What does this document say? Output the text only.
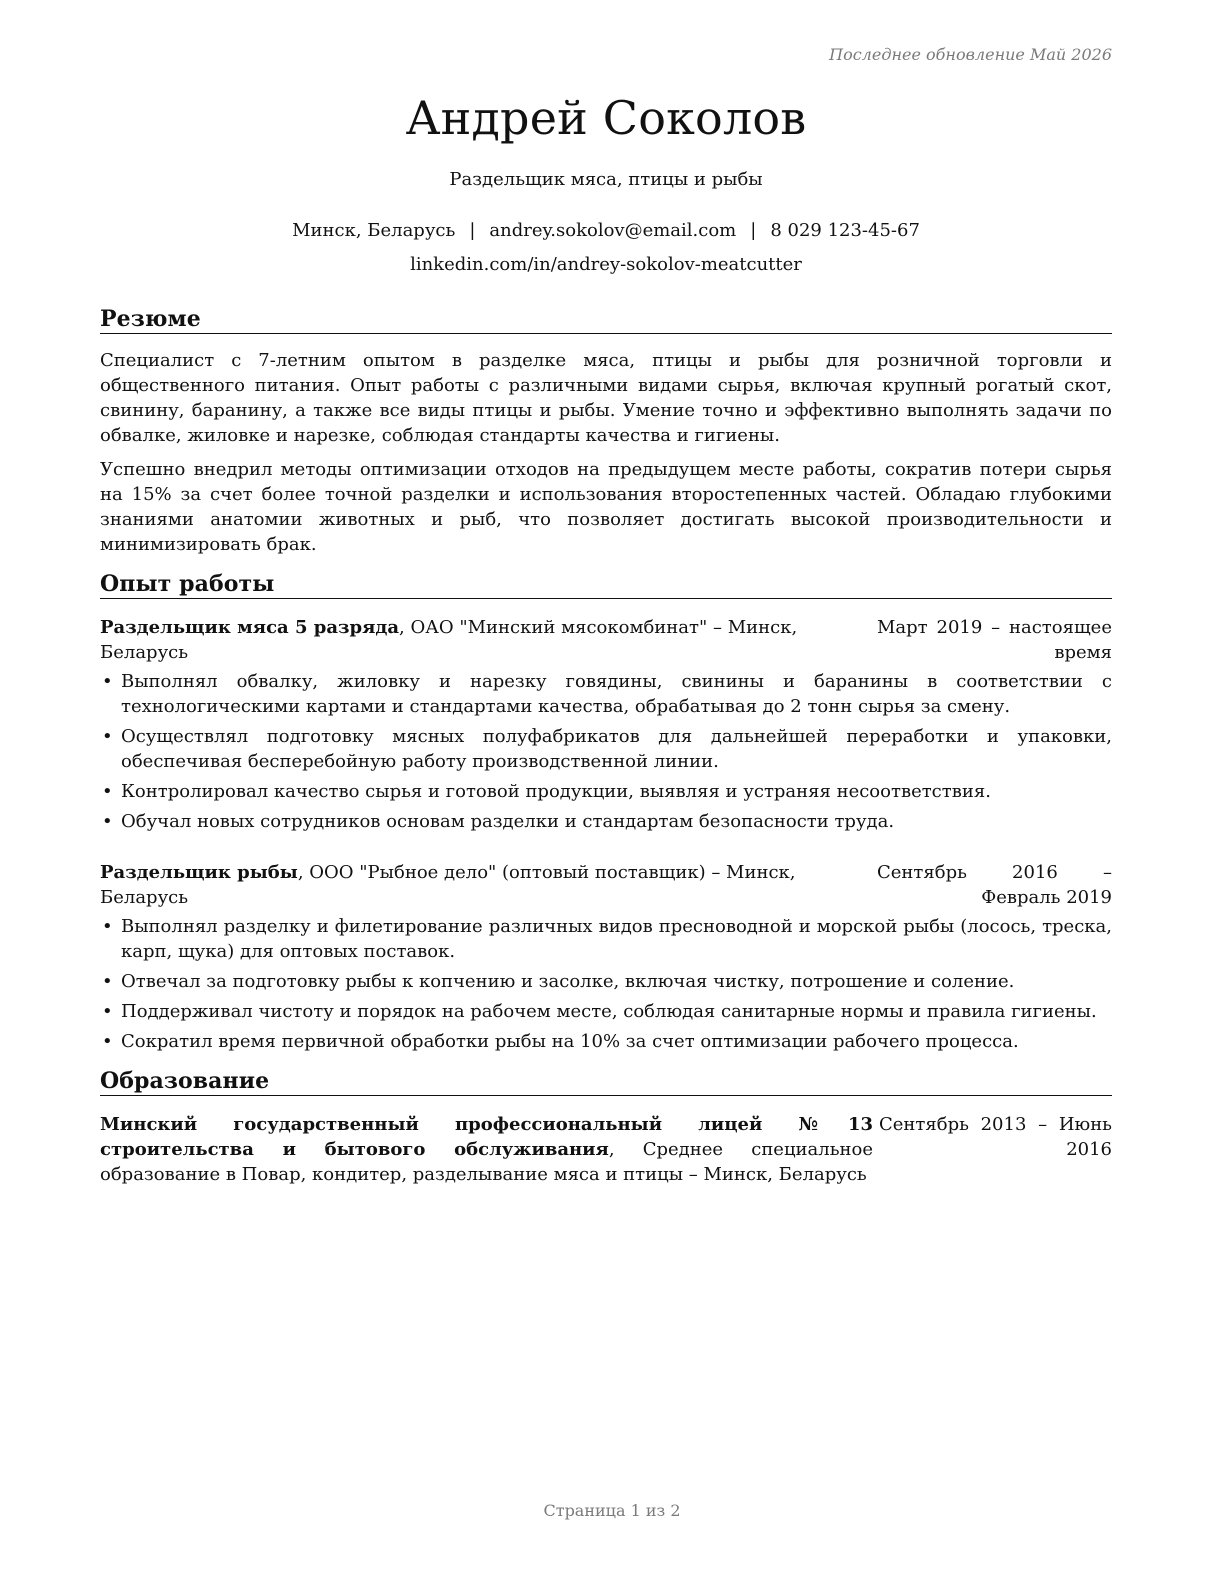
Последнее обновление Май 2026
Андрей Соколов
Раздельщик мяса, птицы и рыбы
Минск, Беларусь | andrey.sokolov@email.com | 8 029 123-45-67
linkedin.com/in/andrey-sokolov-meatcutter
Резюме

Специалист с 7-летним опытом в разделке мяса, птицы и рыбы для розничной торговли и общественного питания. Опыт работы с различными видами сырья, включая крупный рогатый скот, свинину, баранину, а также все виды птицы и рыбы. Умение точно и эффективно выполнять задачи по обвалке, жиловке и нарезке, соблюдая стандарты качества и гигиены.

Успешно внедрил методы оптимизации отходов на предыдущем месте работы, сократив потери сырья на 15% за счет более точной разделки и использования второстепенных частей. Обладаю глубокими знаниями анатомии животных и рыб, что позволяет достигать высокой производительности и минимизировать брак.

Опыт работы
Раздельщик мяса 5 разряда, ОАО "Минский мясокомбинат" – Минск, Беларусь
Март 2019 – настоящее время
• Выполнял обвалку, жиловку и нарезку говядины, свинины и баранины в соответствии с технологическими картами и стандартами качества, обрабатывая до 2 тонн сырья за смену.
• Осуществлял подготовку мясных полуфабрикатов для дальнейшей переработки и упаковки, обеспечивая бесперебойную работу производственной линии.
• Контролировал качество сырья и готовой продукции, выявляя и устраняя несоответствия.
• Обучал новых сотрудников основам разделки и стандартам безопасности труда.
Раздельщик рыбы, ООО "Рыбное дело" (оптовый поставщик) – Минск, Беларусь
Сентябрь 2016 – Февраль 2019
• Выполнял разделку и филетирование различных видов пресноводной и морской рыбы (лосось, треска, карп, щука) для оптовых поставок.
• Отвечал за подготовку рыбы к копчению и засолке, включая чистку, потрошение и соление.
• Поддерживал чистоту и порядок на рабочем месте, соблюдая санитарные нормы и правила гигиены.
• Сократил время первичной обработки рыбы на 10% за счет оптимизации рабочего процесса.
Образование
Минский государственный профессиональный лицей №13 строительства и бытового обслуживания, Среднее специальное образование в Повар, кондитер, разделывание мяса и птицы – Минск, Беларусь
Сентябрь 2013 – Июнь 2016
Страница 1 из 2
